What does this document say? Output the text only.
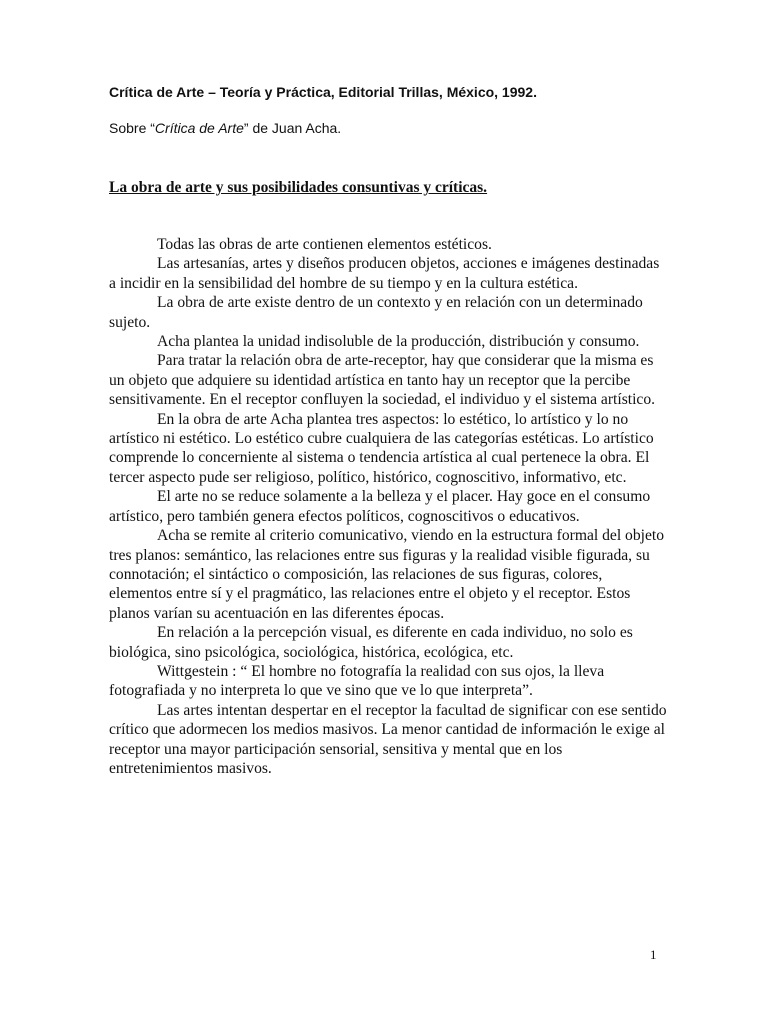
Crítica de Arte – Teoría y Práctica, Editorial Trillas, México, 1992.
Sobre “Crítica de Arte” de Juan Acha.
La obra de arte y sus posibilidades consuntivas y críticas.

Todas las obras de arte contienen elementos estéticos.

Las artesanías, artes y diseños producen objetos, acciones e imágenes destinadas a incidir en la sensibilidad del hombre de su tiempo y en la cultura estética.

La obra de arte existe dentro de un contexto y en relación con un determinado sujeto.

Acha plantea la unidad indisoluble de la producción, distribución y consumo.

Para tratar la relación obra de arte-receptor, hay que considerar que la misma es un objeto que adquiere su identidad artística en tanto hay un receptor que la percibe sensitivamente. En el receptor confluyen la sociedad, el individuo y el sistema artístico.

En la obra de arte Acha plantea tres aspectos: lo estético, lo artístico y lo no artístico ni estético. Lo estético cubre cualquiera de las categorías estéticas. Lo artístico comprende lo concerniente al sistema o tendencia artística al cual pertenece la obra. El tercer aspecto pude ser religioso, político, histórico, cognoscitivo, informativo, etc.

El arte no se reduce solamente a la belleza y el placer. Hay goce en el consumo artístico, pero también genera efectos políticos, cognoscitivos o educativos.

Acha se remite al criterio comunicativo, viendo en la estructura formal del objeto tres planos: semántico, las relaciones entre sus figuras y la realidad visible figurada, su connotación; el sintáctico o composición, las relaciones de sus figuras, colores, elementos entre sí y el pragmático, las relaciones entre el objeto y el receptor. Estos planos varían su acentuación en las diferentes épocas.

En relación a la percepción visual, es diferente en cada individuo, no solo es biológica, sino psicológica, sociológica, histórica, ecológica, etc.

Wittgestein : “ El hombre no fotografía la realidad con sus ojos, la lleva fotografiada y no interpreta lo que ve sino que ve lo que interpreta”.

Las artes intentan despertar en el receptor la facultad de significar con ese sentido crítico que adormecen los medios masivos. La menor cantidad de información le exige al receptor una mayor participación sensorial, sensitiva y mental que en los entretenimientos masivos.

1
